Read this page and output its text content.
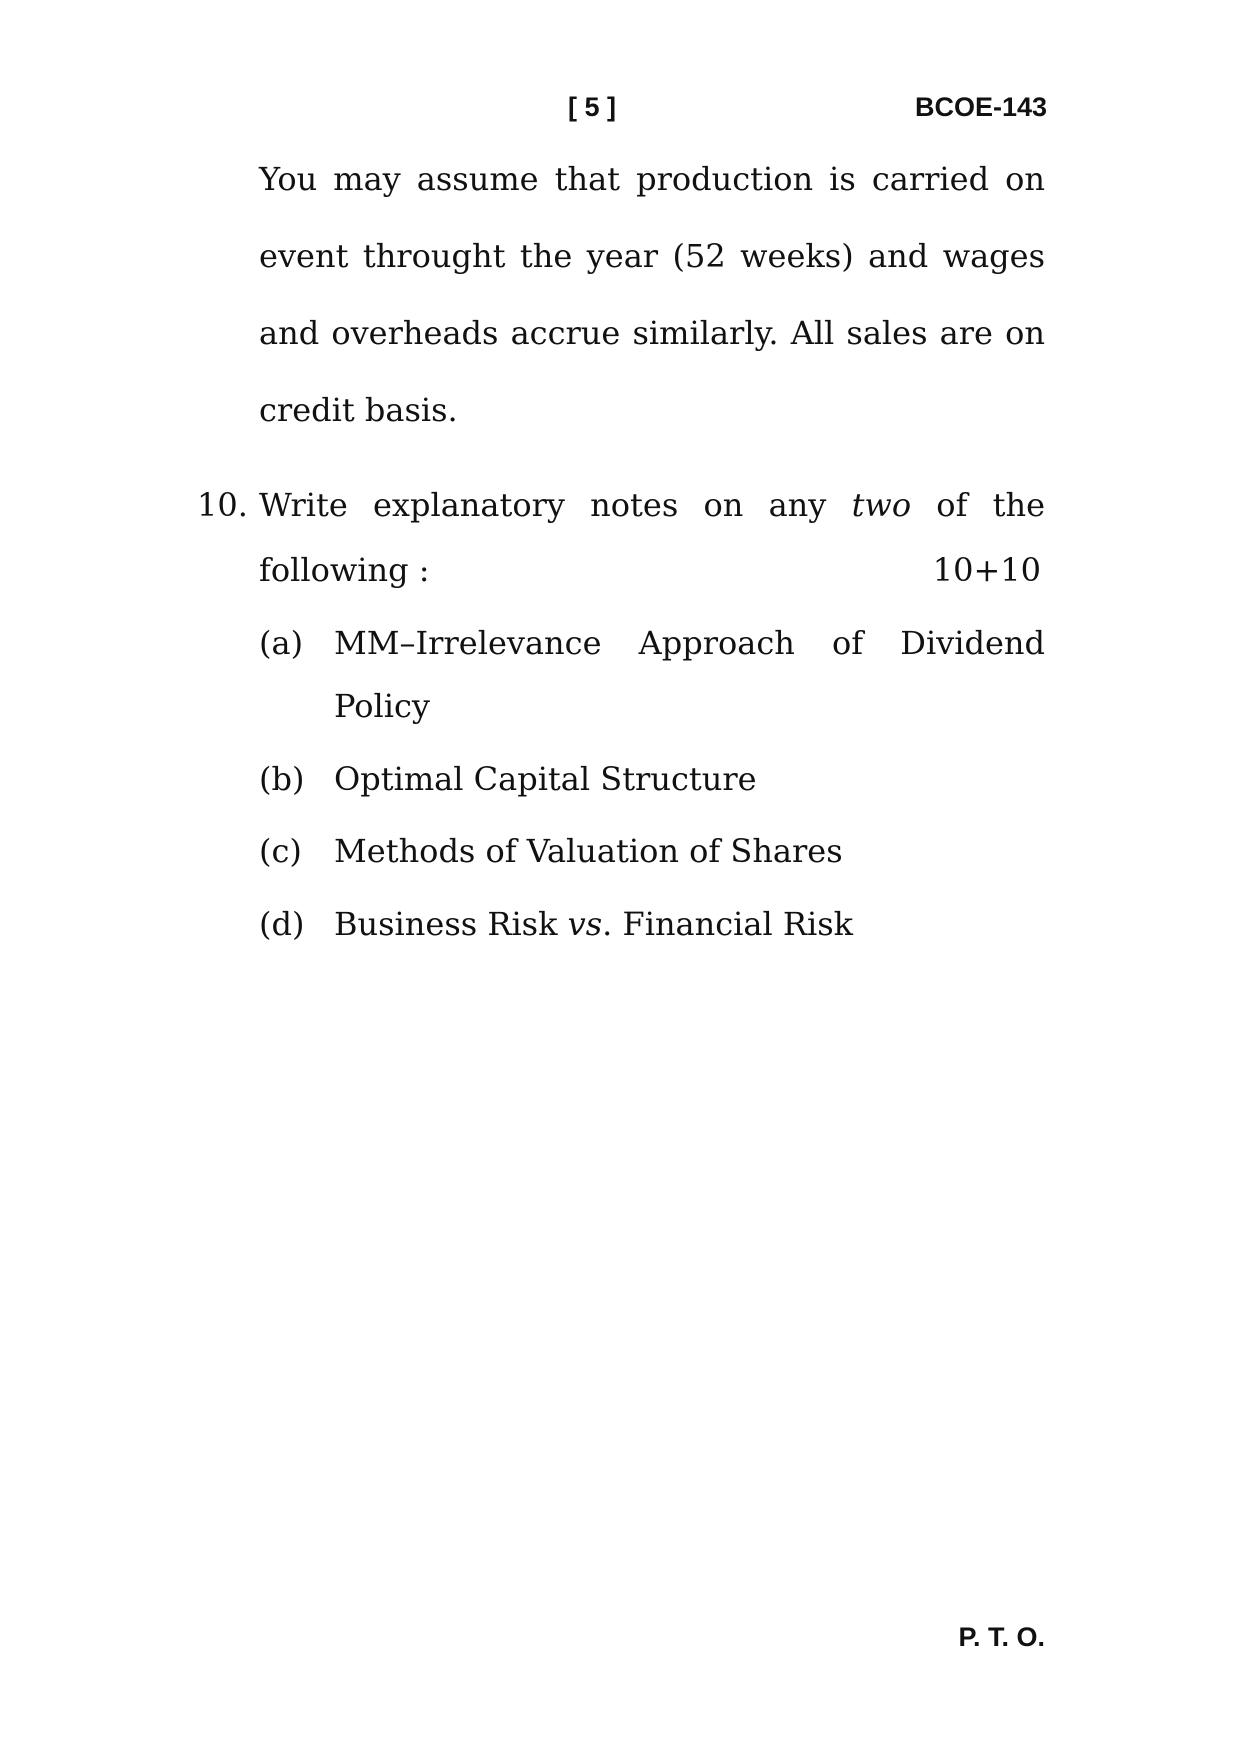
[ 5 ]	BCOE-143
You may assume that production is carried on
event throught the year (52 weeks) and wages
and overheads accrue similarly. All sales are on
credit basis.
10. Write explanatory notes on any two of the
following :	10+10
(a) MM–Irrelevance Approach of Dividend
Policy
(b) Optimal Capital Structure
(c) Methods of Valuation of Shares
(d) Business Risk vs. Financial Risk
P. T. O.
